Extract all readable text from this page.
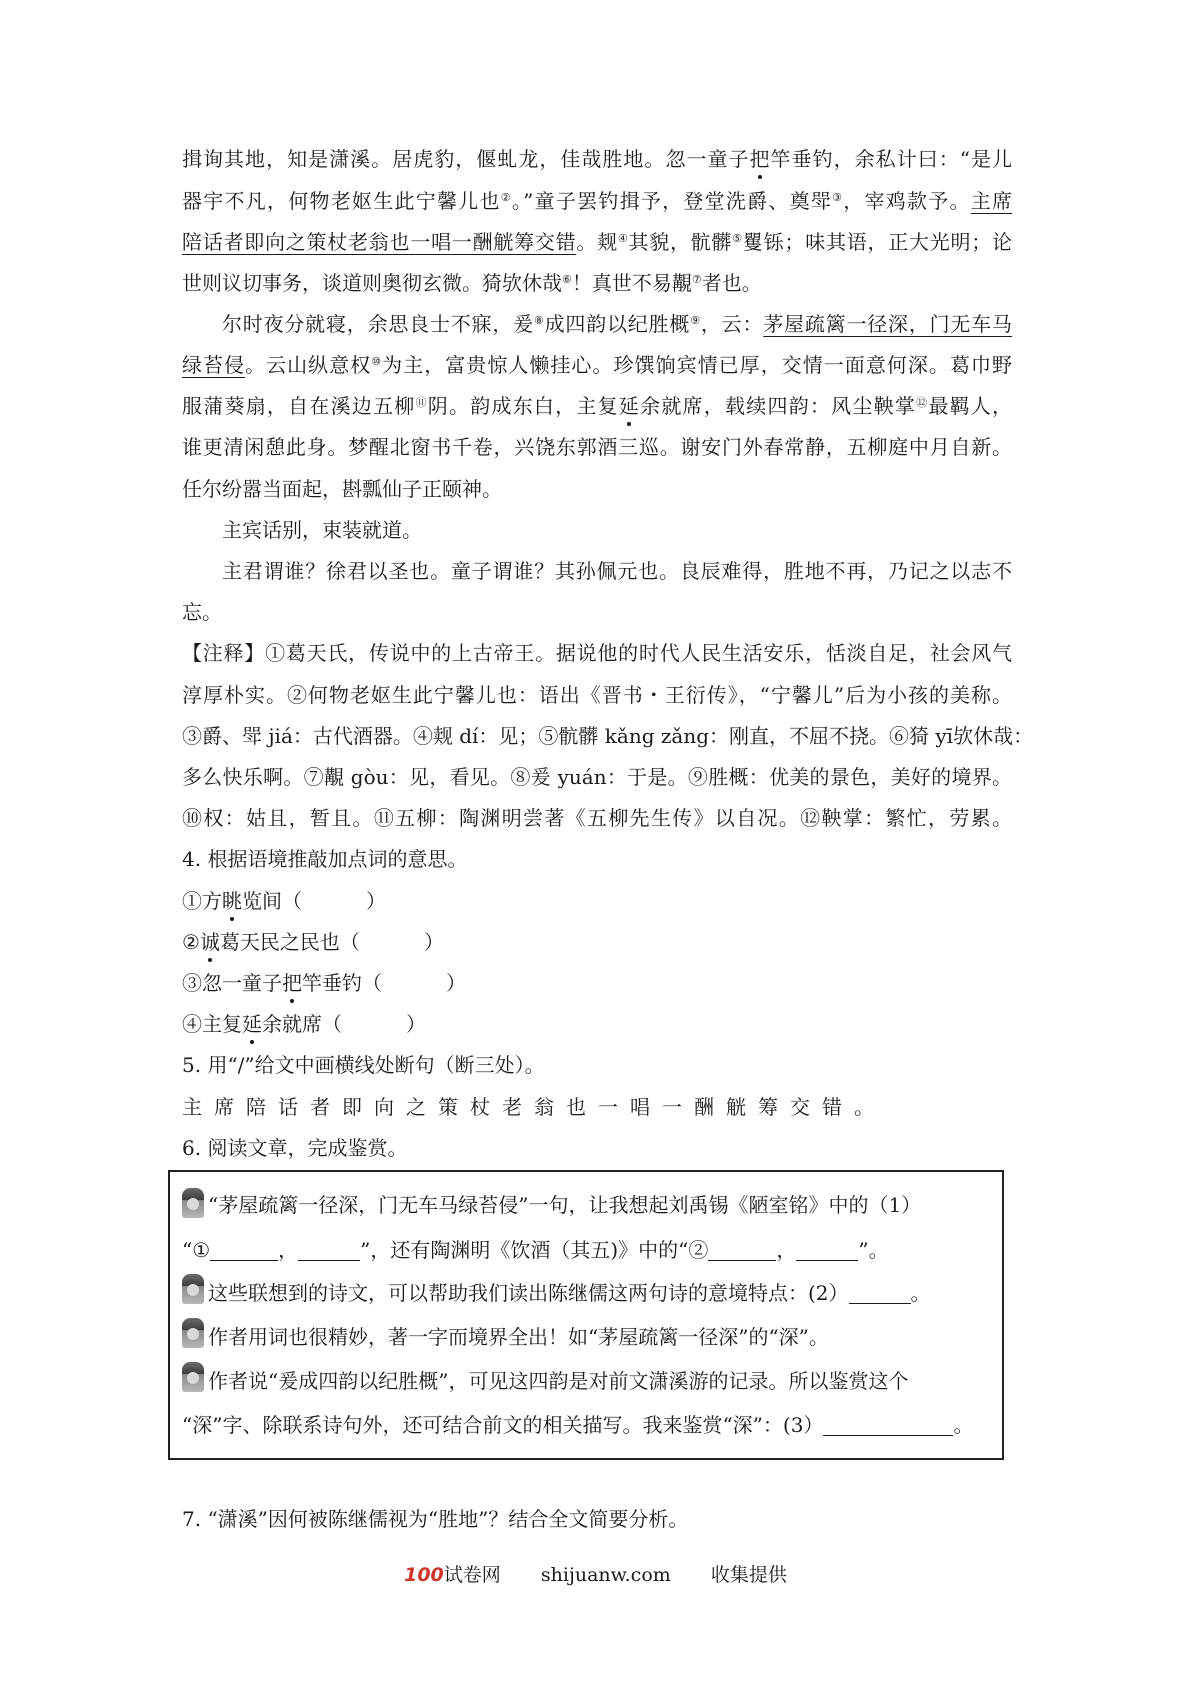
揖询其地，知是潇溪。居虎豹，偃虬龙，佳哉胜地。忽一童子把竿垂钓，余私计曰：“是儿
器宇不凡，何物老妪生此宁馨儿也②。”童子罢钓揖予，登堂洗爵、奠斝③，宰鸡款予。主席
陪话者即向之策杖老翁也一唱一酬觥筹交错。觌④其貌，骯髒⑤矍铄；味其语，正大光明；论
世则议切事务，谈道则奥彻玄微。猗欤休哉⑥！真世不易覯⑦者也。
尔时夜分就寝，余思良士不寐，爰⑧成四韵以纪胜概⑨，云：茅屋疏篱一径深，门无车马
绿苔侵。云山纵意权⑩为主，富贵惊人懒挂心。珍馔饷宾情已厚，交情一面意何深。葛巾野
服蒲葵扇，自在溪边五柳⑪阴。韵成东白，主复延余就席，载续四韵：风尘鞅掌⑫最羁人，
谁更清闲憩此身。梦醒北窗书千卷，兴饶东郭酒三巡。谢安门外春常静，五柳庭中月自新。
任尔纷嚣当面起，斟瓢仙子正颐神。
主宾话别，束装就道。
主君谓谁？徐君以圣也。童子谓谁？其孙佩元也。良辰难得，胜地不再，乃记之以志不
忘。
【注释】①葛天氏，传说中的上古帝王。据说他的时代人民生活安乐，恬淡自足，社会风气
淳厚朴实。②何物老妪生此宁馨儿也：语出《晋书・王衍传》，“宁馨儿”后为小孩的美称。
③爵、斝 jiá：古代酒器。④觌 dí：见；⑤骯髒 kǎng zǎng：刚直，不屈不挠。⑥猗 yī欤休哉：
多么快乐啊。⑦覯 gòu：见，看见。⑧爰 yuán：于是。⑨胜概：优美的景色，美好的境界。
⑩权：姑且，暂且。⑪五柳：陶渊明尝著《五柳先生传》以自况。⑫鞅掌：繁忙，劳累。
4. 根据语境推敲加点词的意思。
①方眺览间（	）
②诚葛天民之民也（	）
③忽一童子把竿垂钓（	）
④主复延余就席（	）
5. 用“/”给文中画横线处断句（断三处）。
主席陪话者即向之策杖老翁也一唱一酬觥筹交错。
6. 阅读文章，完成鉴赏。
“茅屋疏篱一径深，门无车马绿苔侵”一句，让我想起刘禹锡《陋室铭》中的（1）
“①	，	”，还有陶渊明《饮酒（其五)》中的“②	，	”。
这些联想到的诗文，可以帮助我们读出陈继儒这两句诗的意境特点：(2）	。
作者用词也很精妙，著一字而境界全出！如“茅屋疏篱一径深”的“深”。
作者说“爰成四韵以纪胜概”，可见这四韵是对前文潇溪游的记录。所以鉴赏这个
“深”字、除联系诗句外，还可结合前文的相关描写。我来鉴赏“深”：(3）	。
7. “潇溪”因何被陈继儒视为“胜地”？结合全文简要分析。
100试卷网 shijuanw.com 收集提供
